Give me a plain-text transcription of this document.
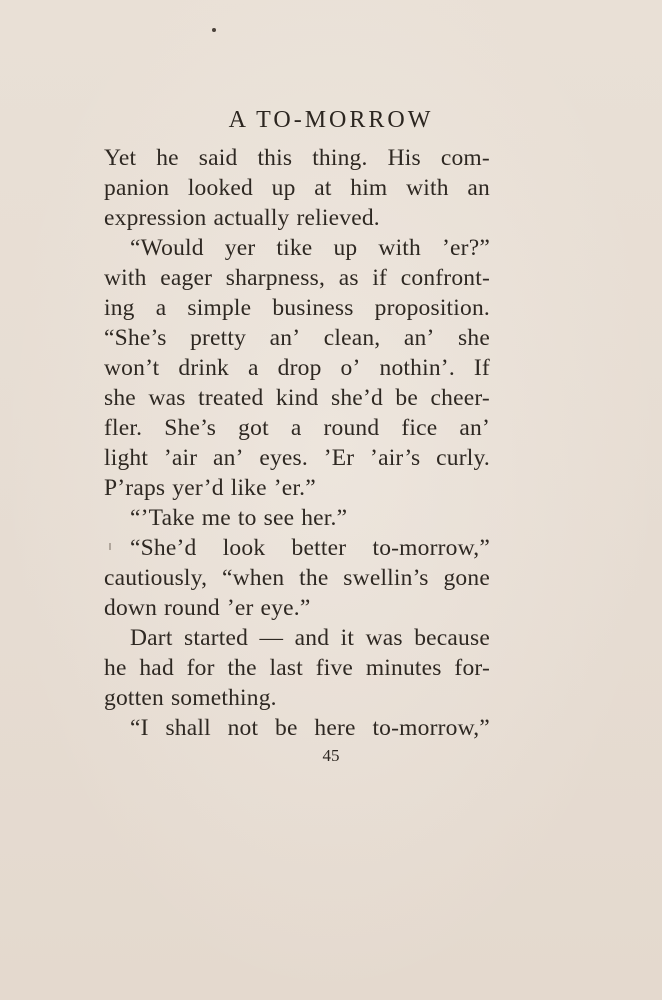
A TO-MORROW
Yet he said this thing. His com-
panion looked up at him with an
expression actually relieved.
“Would yer tike up with ’er?”
with eager sharpness, as if confront-
ing a simple business proposition.
“She’s pretty an’ clean, an’ she
won’t drink a drop o’ nothin’. If
she was treated kind she’d be cheer-
fler. She’s got a round fice an’
light ’air an’ eyes. ’Er ’air’s curly.
P’raps yer’d like ’er.”
“’Take me to see her.”
“She’d look better to-morrow,”
cautiously, “when the swellin’s gone
down round ’er eye.”
Dart started — and it was because
he had for the last five minutes for-
gotten something.
“I shall not be here to-morrow,”
45
